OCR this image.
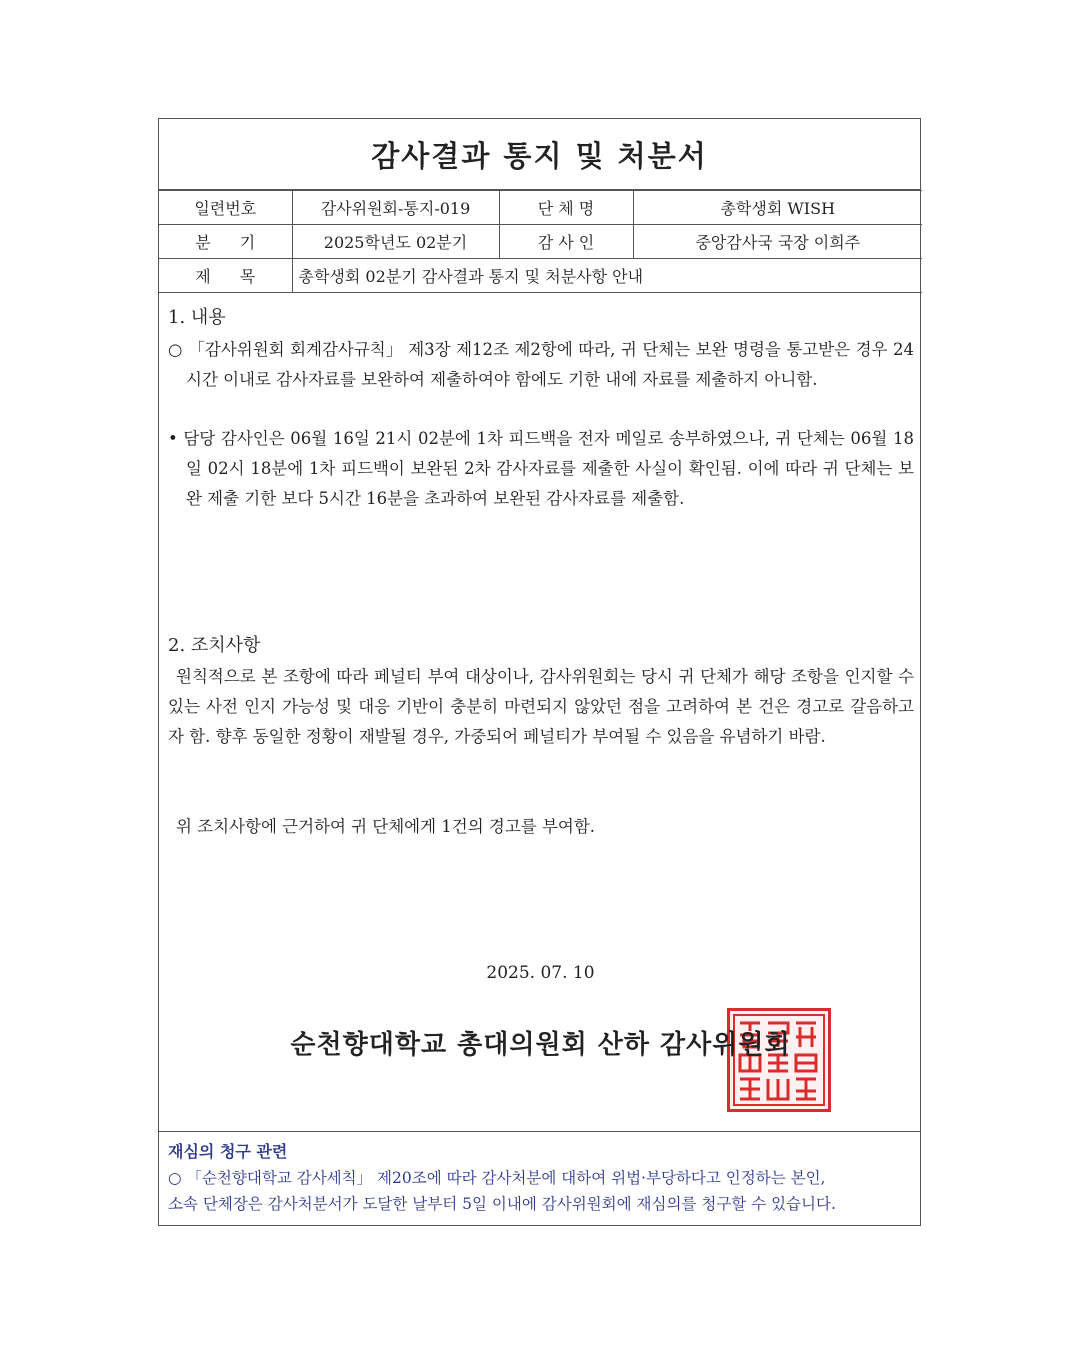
감사결과 통지 및 처분서
일련번호	감사위원회-통지-019	단 체 명	총학생회 WISH
분 기	2025학년도 02분기	감 사 인	중앙감사국 국장 이희주
제 목	총학생회 02분기 감사결과 통지 및 처분사항 안내		
1. 내용
○ 「감사위원회 회계감사규칙」 제3장 제12조 제2항에 따라, 귀 단체는 보완 명령을 통고받은 경우 24시간 이내로 감사자료를 보완하여 제출하여야 함에도 기한 내에 자료를 제출하지 아니함.
• 담당 감사인은 06월 16일 21시 02분에 1차 피드백을 전자 메일로 송부하였으나, 귀 단체는 06월 18일 02시 18분에 1차 피드백이 보완된 2차 감사자료를 제출한 사실이 확인됨. 이에 따라 귀 단체는 보완 제출 기한 보다 5시간 16분을 초과하여 보완된 감사자료를 제출함.
2. 조치사항
원칙적으로 본 조항에 따라 페널티 부여 대상이나, 감사위원회는 당시 귀 단체가 해당 조항을 인지할 수 있는 사전 인지 가능성 및 대응 기반이 충분히 마련되지 않았던 점을 고려하여 본 건은 경고로 갈음하고자 함. 향후 동일한 정황이 재발될 경우, 가중되어 페널티가 부여될 수 있음을 유념하기 바람.
위 조치사항에 근거하여 귀 단체에게 1건의 경고를 부여함.
2025. 07. 10
순천향대학교 총대의원회 산하 감사위원회
재심의 청구 관련
○ 「순천향대학교 감사세칙」 제20조에 따라 감사처분에 대하여 위법·부당하다고 인정하는 본인,
소속 단체장은 감사처분서가 도달한 날부터 5일 이내에 감사위원회에 재심의를 청구할 수 있습니다.
